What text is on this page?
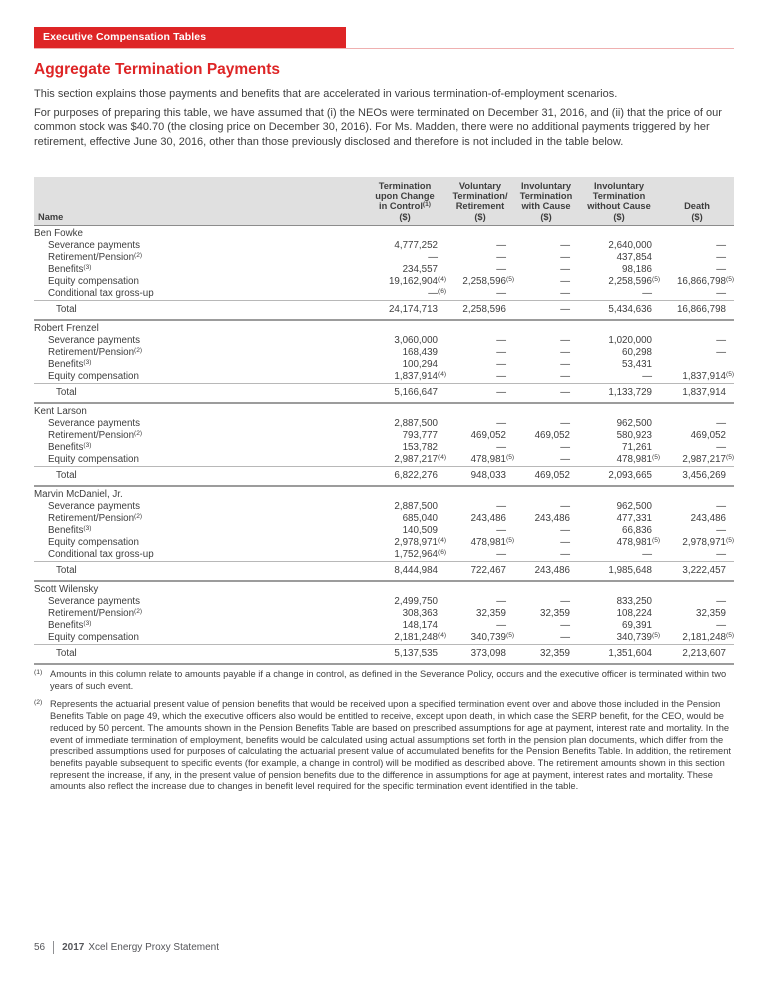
Executive Compensation Tables
Aggregate Termination Payments

This section explains those payments and benefits that are accelerated in various termination-of-employment scenarios.

For purposes of preparing this table, we have assumed that (i) the NEOs were terminated on December 31, 2016, and (ii) that the price of our common stock was $40.70 (the closing price on December 30, 2016). For Ms. Madden, there were no additional payments triggered by her retirement, effective June 30, 2016, other than those previously disclosed and therefore is not included in the table below.

Name	
Termination
upon Change
in Control$^{(1)}$
($)

Voluntary
Termination/
Retirement
($)

Involuntary
Termination
with Cause
($)

Involuntary
Termination
without Cause
($)

Death
($)

Ben Fowke					
Severance payments	4,777,252	—	—	2,640,000	—
Retirement/Pension$^{(2)}$	—	—	—	437,854	—
Benefits$^{(3)}$	234,557	—	—	98,186	—
Equity compensation	19,162,904$^{(4)}$	2,258,596$^{(5)}$	—	2,258,596$^{(5)}$	16,866,798$^{(5)}$
Conditional tax gross-up	—$^{(6)}$	—	—	—	—
Total	24,174,713	2,258,596	—	5,434,636	16,866,798
Robert Frenzel					
Severance payments	3,060,000	—	—	1,020,000	—
Retirement/Pension$^{(2)}$	168,439	—	—	60,298	—
Benefits$^{(3)}$	100,294	—	—	53,431	
Equity compensation	1,837,914$^{(4)}$	—	—	—	1,837,914$^{(5)}$
Total	5,166,647	—	—	1,133,729	1,837,914
Kent Larson					
Severance payments	2,887,500	—	—	962,500	—
Retirement/Pension$^{(2)}$	793,777	469,052	469,052	580,923	469,052
Benefits$^{(3)}$	153,782	—	—	71,261	—
Equity compensation	2,987,217$^{(4)}$	478,981$^{(5)}$	—	478,981$^{(5)}$	2,987,217$^{(5)}$
Total	6,822,276	948,033	469,052	2,093,665	3,456,269
Marvin McDaniel, Jr.					
Severance payments	2,887,500	—	—	962,500	—
Retirement/Pension$^{(2)}$	685,040	243,486	243,486	477,331	243,486
Benefits$^{(3)}$	140,509	—	—	66,836	—
Equity compensation	2,978,971$^{(4)}$	478,981$^{(5)}$	—	478,981$^{(5)}$	2,978,971$^{(5)}$
Conditional tax gross-up	1,752,964$^{(6)}$	—	—	—	—
Total	8,444,984	722,467	243,486	1,985,648	3,222,457
Scott Wilensky					
Severance payments	2,499,750	—	—	833,250	—
Retirement/Pension$^{(2)}$	308,363	32,359	32,359	108,224	32,359
Benefits$^{(3)}$	148,174	—	—	69,391	—
Equity compensation	2,181,248$^{(4)}$	340,739$^{(5)}$	—	340,739$^{(5)}$	2,181,248$^{(5)}$
Total	5,137,535	373,098	32,359	1,351,604	2,213,607
(1) Amounts in this column relate to amounts payable if a change in control, as defined in the Severance Policy, occurs and the executive officer is terminated within two years of such event.
(2) Represents the actuarial present value of pension benefits that would be received upon a specified termination event over and above those included in the Pension Benefits Table on page 49, which the executive officers also would be entitled to receive, except upon death, in which case the SERP benefit, for the CEO, would be reduced by 50 percent. The amounts shown in the Pension Benefits Table are based on prescribed assumptions for age at payment, interest rate and mortality. In the event of immediate termination of employment, benefits would be calculated using actual assumptions set forth in the pension plan documents, which differ from the prescribed assumptions used for purposes of calculating the actuarial present value of accumulated benefits for the Pension Benefits Table. In addition, the retirement benefits payable subsequent to specific events (for example, a change in control) will be modified as described above. The retirement amounts shown in this section represent the increase, if any, in the present value of pension benefits due to the difference in assumptions for age at payment, interest rates and mortality. These amounts also reflect the increase due to changes in benefit level required for the specific termination event identified in the table.
56 2017 Xcel Energy Proxy Statement
